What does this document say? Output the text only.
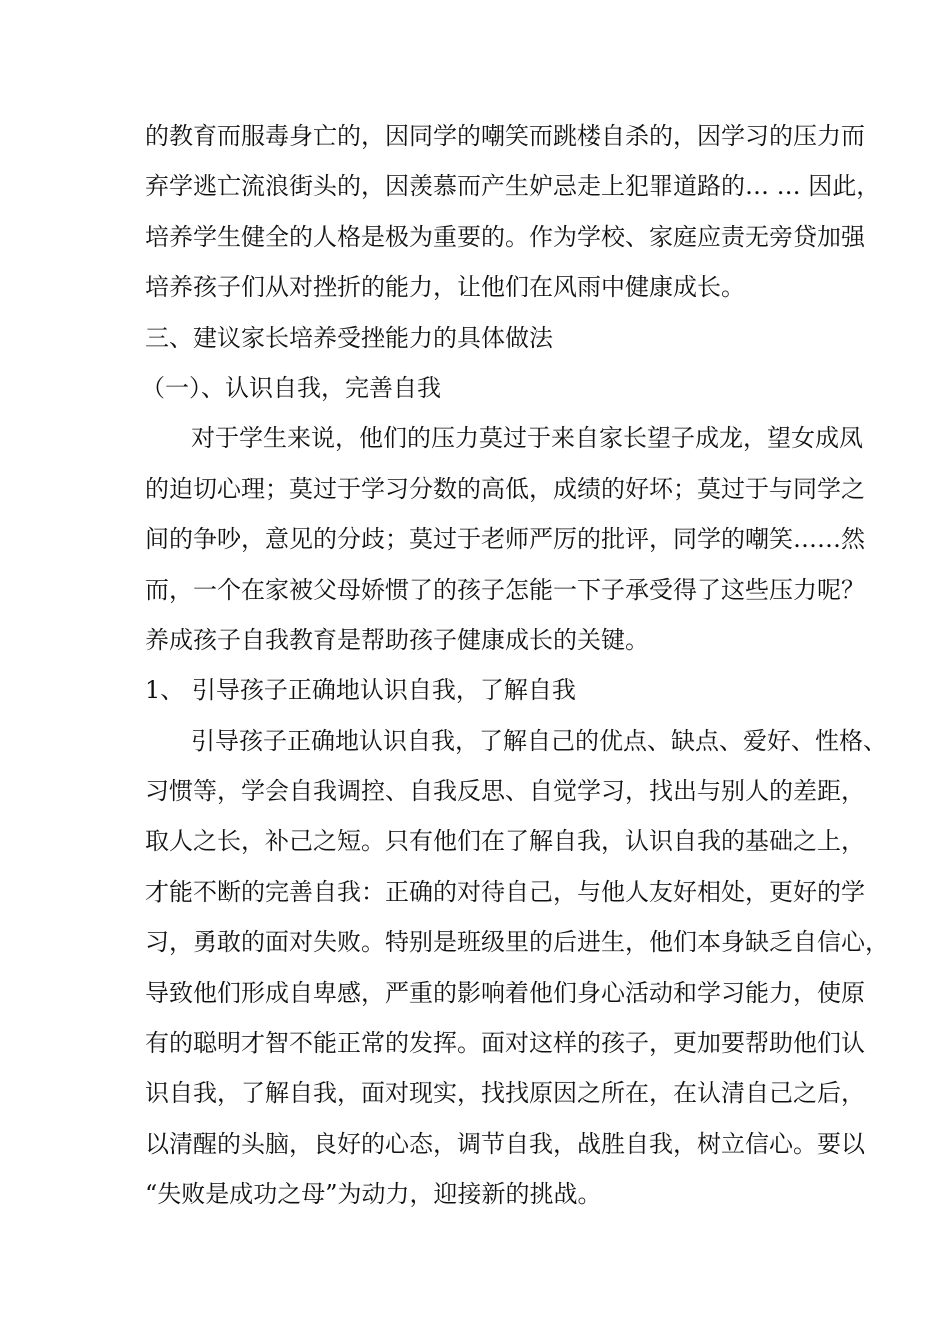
的教育而服毒身亡的，因同学的嘲笑而跳楼自杀的，因学习的压力而
弃学逃亡流浪街头的，因羡慕而产生妒忌走上犯罪道路的… … 因此，
培养学生健全的人格是极为重要的。作为学校、家庭应责无旁贷加强
培养孩子们从对挫折的能力，让他们在风雨中健康成长。
三、建议家长培养受挫能力的具体做法
（一）、认识自我，完善自我
对于学生来说，他们的压力莫过于来自家长望子成龙，望女成凤
的迫切心理；莫过于学习分数的高低，成绩的好坏；莫过于与同学之
间的争吵，意见的分歧；莫过于老师严厉的批评，同学的嘲笑……然
而，一个在家被父母娇惯了的孩子怎能一下子承受得了这些压力呢？
养成孩子自我教育是帮助孩子健康成长的关键。
1、 引导孩子正确地认识自我，了解自我
引导孩子正确地认识自我，了解自己的优点、缺点、爱好、性格、
习惯等，学会自我调控、自我反思、自觉学习，找出与别人的差距，
取人之长，补己之短。只有他们在了解自我，认识自我的基础之上，
才能不断的完善自我：正确的对待自己，与他人友好相处，更好的学
习，勇敢的面对失败。特别是班级里的后进生，他们本身缺乏自信心，
导致他们形成自卑感，严重的影响着他们身心活动和学习能力，使原
有的聪明才智不能正常的发挥。面对这样的孩子，更加要帮助他们认
识自我，了解自我，面对现实，找找原因之所在，在认清自己之后，
以清醒的头脑，良好的心态，调节自我，战胜自我，树立信心。要以
“失败是成功之母”为动力，迎接新的挑战。
